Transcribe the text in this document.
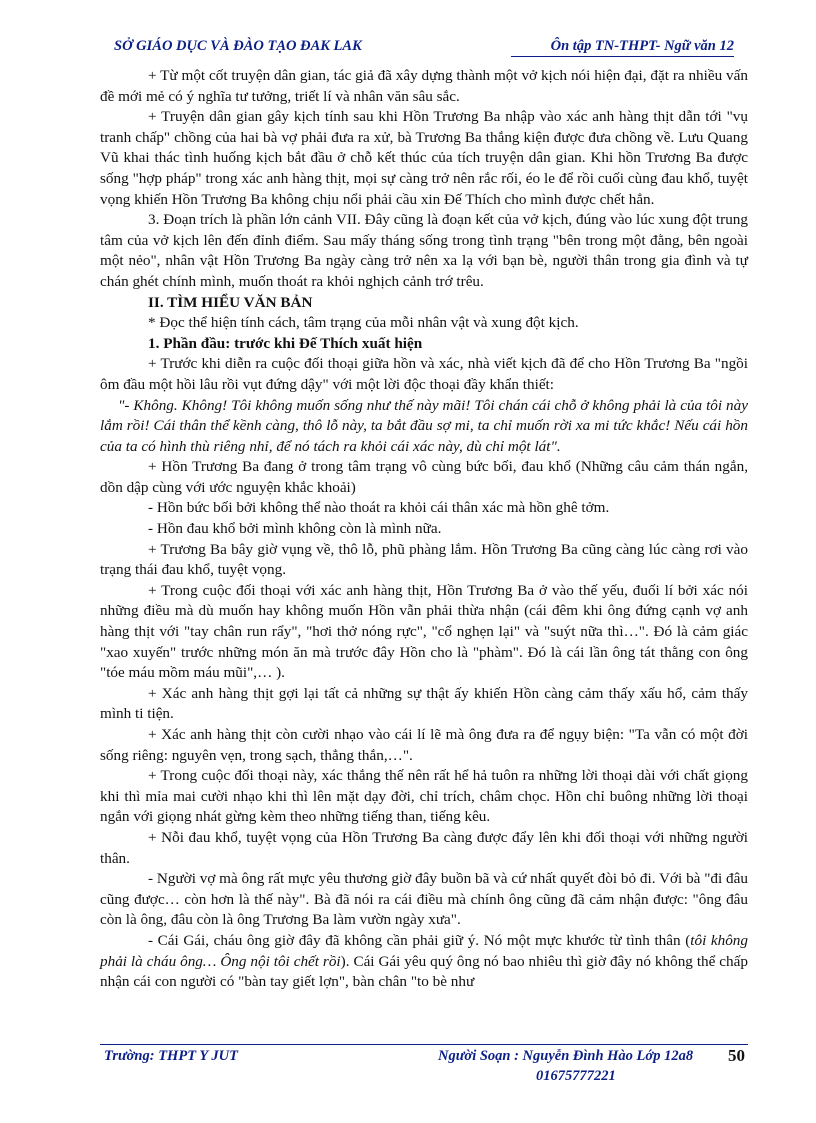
SỞ GIÁO DỤC VÀ ĐÀO TẠO ĐAK LAK	Ôn tập TN-THPT- Ngữ văn 12

+ Từ một cốt truyện dân gian, tác giả đã xây dựng thành một vở kịch nói hiện đại, đặt ra nhiều vấn đề mới mẻ có ý nghĩa tư tưởng, triết lí và nhân văn sâu sắc.

+ Truyện dân gian gây kịch tính sau khi Hồn Trương Ba nhập vào xác anh hàng thịt dẫn tới "vụ tranh chấp" chồng của hai bà vợ phải đưa ra xử, bà Trương Ba thắng kiện được đưa chồng về. Lưu Quang Vũ khai thác tình huống kịch bắt đầu ở chỗ kết thúc của tích truyện dân gian. Khi hồn Trương Ba được sống "hợp pháp" trong xác anh hàng thịt, mọi sự càng trở nên rắc rối, éo le để rồi cuối cùng đau khổ, tuyệt vọng khiến Hồn Trương Ba không chịu nổi phải cầu xin Đế Thích cho mình được chết hẳn.

3. Đoạn trích là phần lớn cảnh VII. Đây cũng là đoạn kết của vở kịch, đúng vào lúc xung đột trung tâm của vở kịch lên đến đỉnh điểm. Sau mấy tháng sống trong tình trạng "bên trong một đằng, bên ngoài một nẻo", nhân vật Hồn Trương Ba ngày càng trở nên xa lạ với bạn bè, người thân trong gia đình và tự chán ghét chính mình, muốn thoát ra khỏi nghịch cảnh trớ trêu.

II. TÌM HIỂU VĂN BẢN

* Đọc thể hiện tính cách, tâm trạng của mỗi nhân vật và xung đột kịch.

1. Phần đầu: trước khi Đế Thích xuất hiện

+ Trước khi diễn ra cuộc đối thoại giữa hồn và xác, nhà viết kịch đã để cho Hồn Trương Ba "ngồi ôm đầu một hồi lâu rồi vụt đứng dậy" với một lời độc thoại đầy khẩn thiết:

"- Không. Không! Tôi không muốn sống như thế này mãi! Tôi chán cái chỗ ở không phải là của tôi này lắm rồi! Cái thân thể kềnh càng, thô lỗ này, ta bắt đầu sợ mi, ta chỉ muốn rời xa mi tức khắc! Nếu cái hồn của ta có hình thù riêng nhỉ, để nó tách ra khỏi cái xác này, dù chỉ một lát".

+ Hồn Trương Ba đang ở trong tâm trạng vô cùng bức bối, đau khổ (Những câu cảm thán ngắn, dồn dập cùng với ước nguyện khắc khoải)

- Hồn bức bối bởi không thể nào thoát ra khỏi cái thân xác mà hồn ghê tởm.

- Hồn đau khổ bởi mình không còn là mình nữa.

+ Trương Ba bây giờ vụng về, thô lỗ, phũ phàng lắm. Hồn Trương Ba cũng càng lúc càng rơi vào trạng thái đau khổ, tuyệt vọng.

+ Trong cuộc đối thoại với xác anh hàng thịt, Hồn Trương Ba ở vào thế yếu, đuối lí bởi xác nói những điều mà dù muốn hay không muốn Hồn vẫn phải thừa nhận (cái đêm khi ông đứng cạnh vợ anh hàng thịt với "tay chân run rẩy", "hơi thở nóng rực", "cổ nghẹn lại" và "suýt nữa thì…". Đó là cảm giác "xao xuyến" trước những món ăn mà trước đây Hồn cho là "phàm". Đó là cái lần ông tát thằng con ông "tóe máu mồm máu mũi",… ).

+ Xác anh hàng thịt gợi lại tất cả những sự thật ấy khiến Hồn càng cảm thấy xấu hổ, cảm thấy mình ti tiện.

+ Xác anh hàng thịt còn cười nhạo vào cái lí lẽ mà ông đưa ra để ngụy biện: "Ta vẫn có một đời sống riêng: nguyên vẹn, trong sạch, thẳng thắn,…".

+ Trong cuộc đối thoại này, xác thắng thế nên rất hể hả tuôn ra những lời thoại dài với chất giọng khi thì mỉa mai cười nhạo khi thì lên mặt dạy đời, chỉ trích, châm chọc. Hồn chỉ buông những lời thoại ngắn với giọng nhát gừng kèm theo những tiếng than, tiếng kêu.

+ Nỗi đau khổ, tuyệt vọng của Hồn Trương Ba càng được đẩy lên khi đối thoại với những người thân.

- Người vợ mà ông rất mực yêu thương giờ đây buồn bã và cứ nhất quyết đòi bỏ đi. Với bà "đi đâu cũng được… còn hơn là thế này". Bà đã nói ra cái điều mà chính ông cũng đã cảm nhận được: "ông đâu còn là ông, đâu còn là ông Trương Ba làm vườn ngày xưa".

- Cái Gái, cháu ông giờ đây đã không cần phải giữ ý. Nó một mực khước từ tình thân (tôi không phải là cháu ông… Ông nội tôi chết rồi). Cái Gái yêu quý ông nó bao nhiêu thì giờ đây nó không thể chấp nhận cái con người có "bàn tay giết lợn", bàn chân "to bè như

Trường: THPT Y JUT	Người Soạn : Nguyễn Đình Hào Lớp 12a8 50
01675777221
